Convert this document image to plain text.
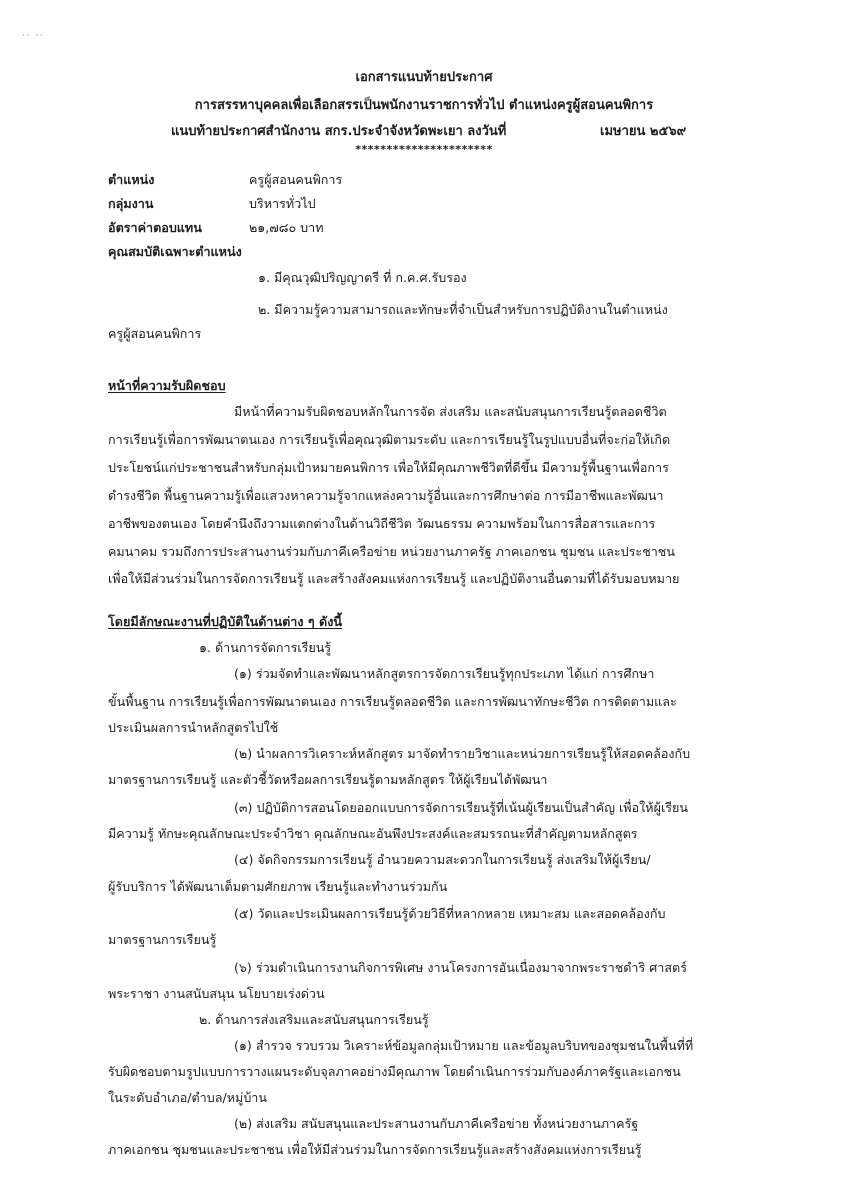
‘’ ’’
เอกสารแนบท้ายประกาศ
การสรรหาบุคคลเพื่อเลือกสรรเป็นพนักงานราชการทั่วไป ตำแหน่งครูผู้สอนคนพิการ
แนบท้ายประกาศสำนักงาน สกร.ประจำจังหวัดพะเยา ลงวันที่	เมษายน ๒๕๖๙
**********************
ตำแหน่ง	ครูผู้สอนคนพิการ
กลุ่มงาน	บริหารทั่วไป
อัตราค่าตอบแทน	๒๑,๗๘๐ บาท
คุณสมบัติเฉพาะตำแหน่ง
๑. มีคุณวุฒิปริญญาตรี ที่ ก.ค.ศ.รับรอง
๒. มีความรู้ความสามารถและทักษะที่จำเป็นสำหรับการปฏิบัติงานในตำแหน่ง
ครูผู้สอนคนพิการ
หน้าที่ความรับผิดชอบ
มีหน้าที่ความรับผิดชอบหลักในการจัด ส่งเสริม และสนับสนุนการเรียนรู้ตลอดชีวิต
การเรียนรู้เพื่อการพัฒนาตนเอง การเรียนรู้เพื่อคุณวุฒิตามระดับ และการเรียนรู้ในรูปแบบอื่นที่จะก่อให้เกิด
ประโยชน์แก่ประชาชนสำหรับกลุ่มเป้าหมายคนพิการ เพื่อให้มีคุณภาพชีวิตที่ดีขึ้น มีความรู้พื้นฐานเพื่อการ
ดำรงชีวิต พื้นฐานความรู้เพื่อแสวงหาความรู้จากแหล่งความรู้อื่นและการศึกษาต่อ การมีอาชีพและพัฒนา
อาชีพของตนเอง โดยคำนึงถึงวามแตกต่างในด้านวิถีชีวิต วัฒนธรรม ความพร้อมในการสื่อสารและการ
คมนาคม รวมถึงการประสานงานร่วมกับภาคีเครือข่าย หน่วยงานภาครัฐ ภาคเอกชน ชุมชน และประชาชน
เพื่อให้มีส่วนร่วมในการจัดการเรียนรู้ และสร้างสังคมแห่งการเรียนรู้ และปฏิบัติงานอื่นตามที่ได้รับมอบหมาย
โดยมีลักษณะงานที่ปฏิบัติในด้านต่าง ๆ ดังนี้
๑. ด้านการจัดการเรียนรู้
(๑) ร่วมจัดทำและพัฒนาหลักสูตรการจัดการเรียนรู้ทุกประเภท ได้แก่ การศึกษา
ขั้นพื้นฐาน การเรียนรู้เพื่อการพัฒนาตนเอง การเรียนรู้ตลอดชีวิต และการพัฒนาทักษะชีวิต การติดตามและ
ประเมินผลการนำหลักสูตรไปใช้
(๒) นำผลการวิเคราะห์หลักสูตร มาจัดทำรายวิชาและหน่วยการเรียนรู้ให้สอดคล้องกับ
มาตรฐานการเรียนรู้ และตัวชี้วัดหรือผลการเรียนรู้ตามหลักสูตร ให้ผู้เรียนได้พัฒนา
(๓) ปฏิบัติการสอนโดยออกแบบการจัดการเรียนรู้ที่เน้นผู้เรียนเป็นสำคัญ เพื่อให้ผู้เรียน
มีความรู้ ทักษะคุณลักษณะประจำวิชา คุณลักษณะอันพึงประสงค์และสมรรถนะที่สำคัญตามหลักสูตร
(๔) จัดกิจกรรมการเรียนรู้ อำนวยความสะดวกในการเรียนรู้ ส่งเสริมให้ผู้เรียน/
ผู้รับบริการ ได้พัฒนาเต็มตามศักยภาพ เรียนรู้และทำงานร่วมกัน
(๕) วัดและประเมินผลการเรียนรู้ด้วยวิธีที่หลากหลาย เหมาะสม และสอดคล้องกับ
มาตรฐานการเรียนรู้
(๖) ร่วมดำเนินการงานกิจการพิเศษ งานโครงการอันเนื่องมาจากพระราชดำริ ศาสตร์
พระราชา งานสนับสนุน นโยบายเร่งด่วน
๒. ด้านการส่งเสริมและสนับสนุนการเรียนรู้
(๑) สำรวจ รวบรวม วิเคราะห์ข้อมูลกลุ่มเป้าหมาย และข้อมูลบริบทของชุมชนในพื้นที่ที่
รับผิดชอบตามรูปแบบการวางแผนระดับจุลภาคอย่างมีคุณภาพ โดยดำเนินการร่วมกับองค์ภาครัฐและเอกชน
ในระดับอำเภอ/ตำบล/หมู่บ้าน
(๒) ส่งเสริม สนับสนุนและประสานงานกับภาคีเครือข่าย ทั้งหน่วยงานภาครัฐ
ภาคเอกชน ชุมชนและประชาชน เพื่อให้มีส่วนร่วมในการจัดการเรียนรู้และสร้างสังคมแห่งการเรียนรู้
